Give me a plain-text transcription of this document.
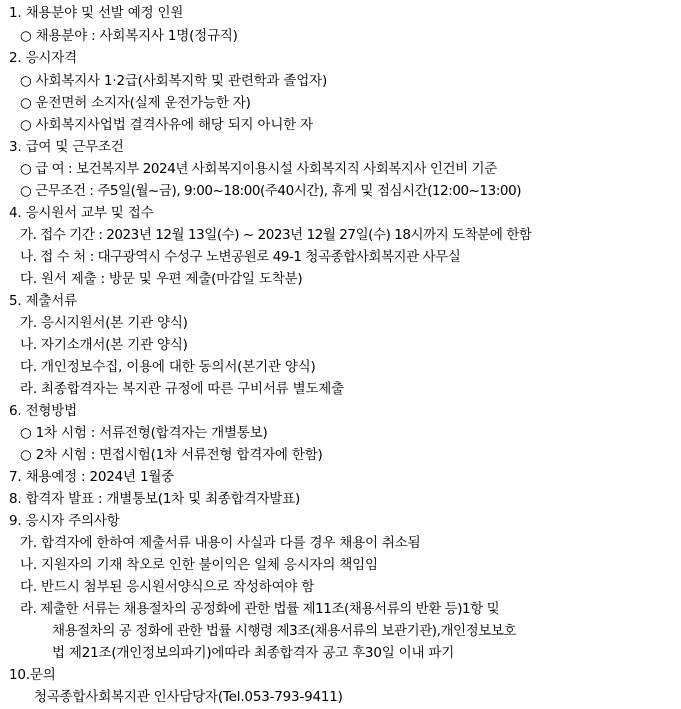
1. 채용분야 및 선발 예정 인원
○ 채용분야 : 사회복지사 1명(정규직)
2. 응시자격
○ 사회복지사 1·2급(사회복지학 및 관련학과 졸업자)
○ 운전면허 소지자(실제 운전가능한 자)
○ 사회복지사업법 결격사유에 해당 되지 아니한 자
3. 급여 및 근무조건
○ 급 여 : 보건복지부 2024년 사회복지이용시설 사회복지직 사회복지사 인건비 기준
○ 근무조건 : 주5일(월~금), 9:00~18:00(주40시간), 휴게 및 점심시간(12:00~13:00)
4. 응시원서 교부 및 접수
가. 접수 기간 : 2023년 12월 13일(수) ~ 2023년 12월 27일(수) 18시까지 도착분에 한함
나. 접 수 처 : 대구광역시 수성구 노변공원로 49-1 청곡종합사회복지관 사무실
다. 원서 제출 : 방문 및 우편 제출(마감일 도착분)
5. 제출서류
가. 응시지원서(본 기관 양식)
나. 자기소개서(본 기관 양식)
다. 개인정보수집, 이용에 대한 동의서(본기관 양식)
라. 최종합격자는 복지관 규정에 따른 구비서류 별도제출
6. 전형방법
○ 1차 시험 : 서류전형(합격자는 개별통보)
○ 2차 시험 : 면접시험(1차 서류전형 합격자에 한함)
7. 채용예정 : 2024년 1월중
8. 합격자 발표 : 개별통보(1차 및 최종합격자발표)
9. 응시자 주의사항
가. 합격자에 한하여 제출서류 내용이 사실과 다를 경우 채용이 취소됨
나. 지원자의 기재 착오로 인한 불이익은 일체 응시자의 책임임
다. 반드시 첨부된 응시원서양식으로 작성하여야 함
라. 제출한 서류는 채용절차의 공정화에 관한 법률 제11조(채용서류의 반환 등)1항 및
채용절차의 공 정화에 관한 법률 시행령 제3조(채용서류의 보관기관),개인정보보호
법 제21조(개인정보의파기)에따라 최종합격자 공고 후30일 이내 파기
10.문의
청곡종합사회복지관 인사담당자(Tel.053-793-9411)
